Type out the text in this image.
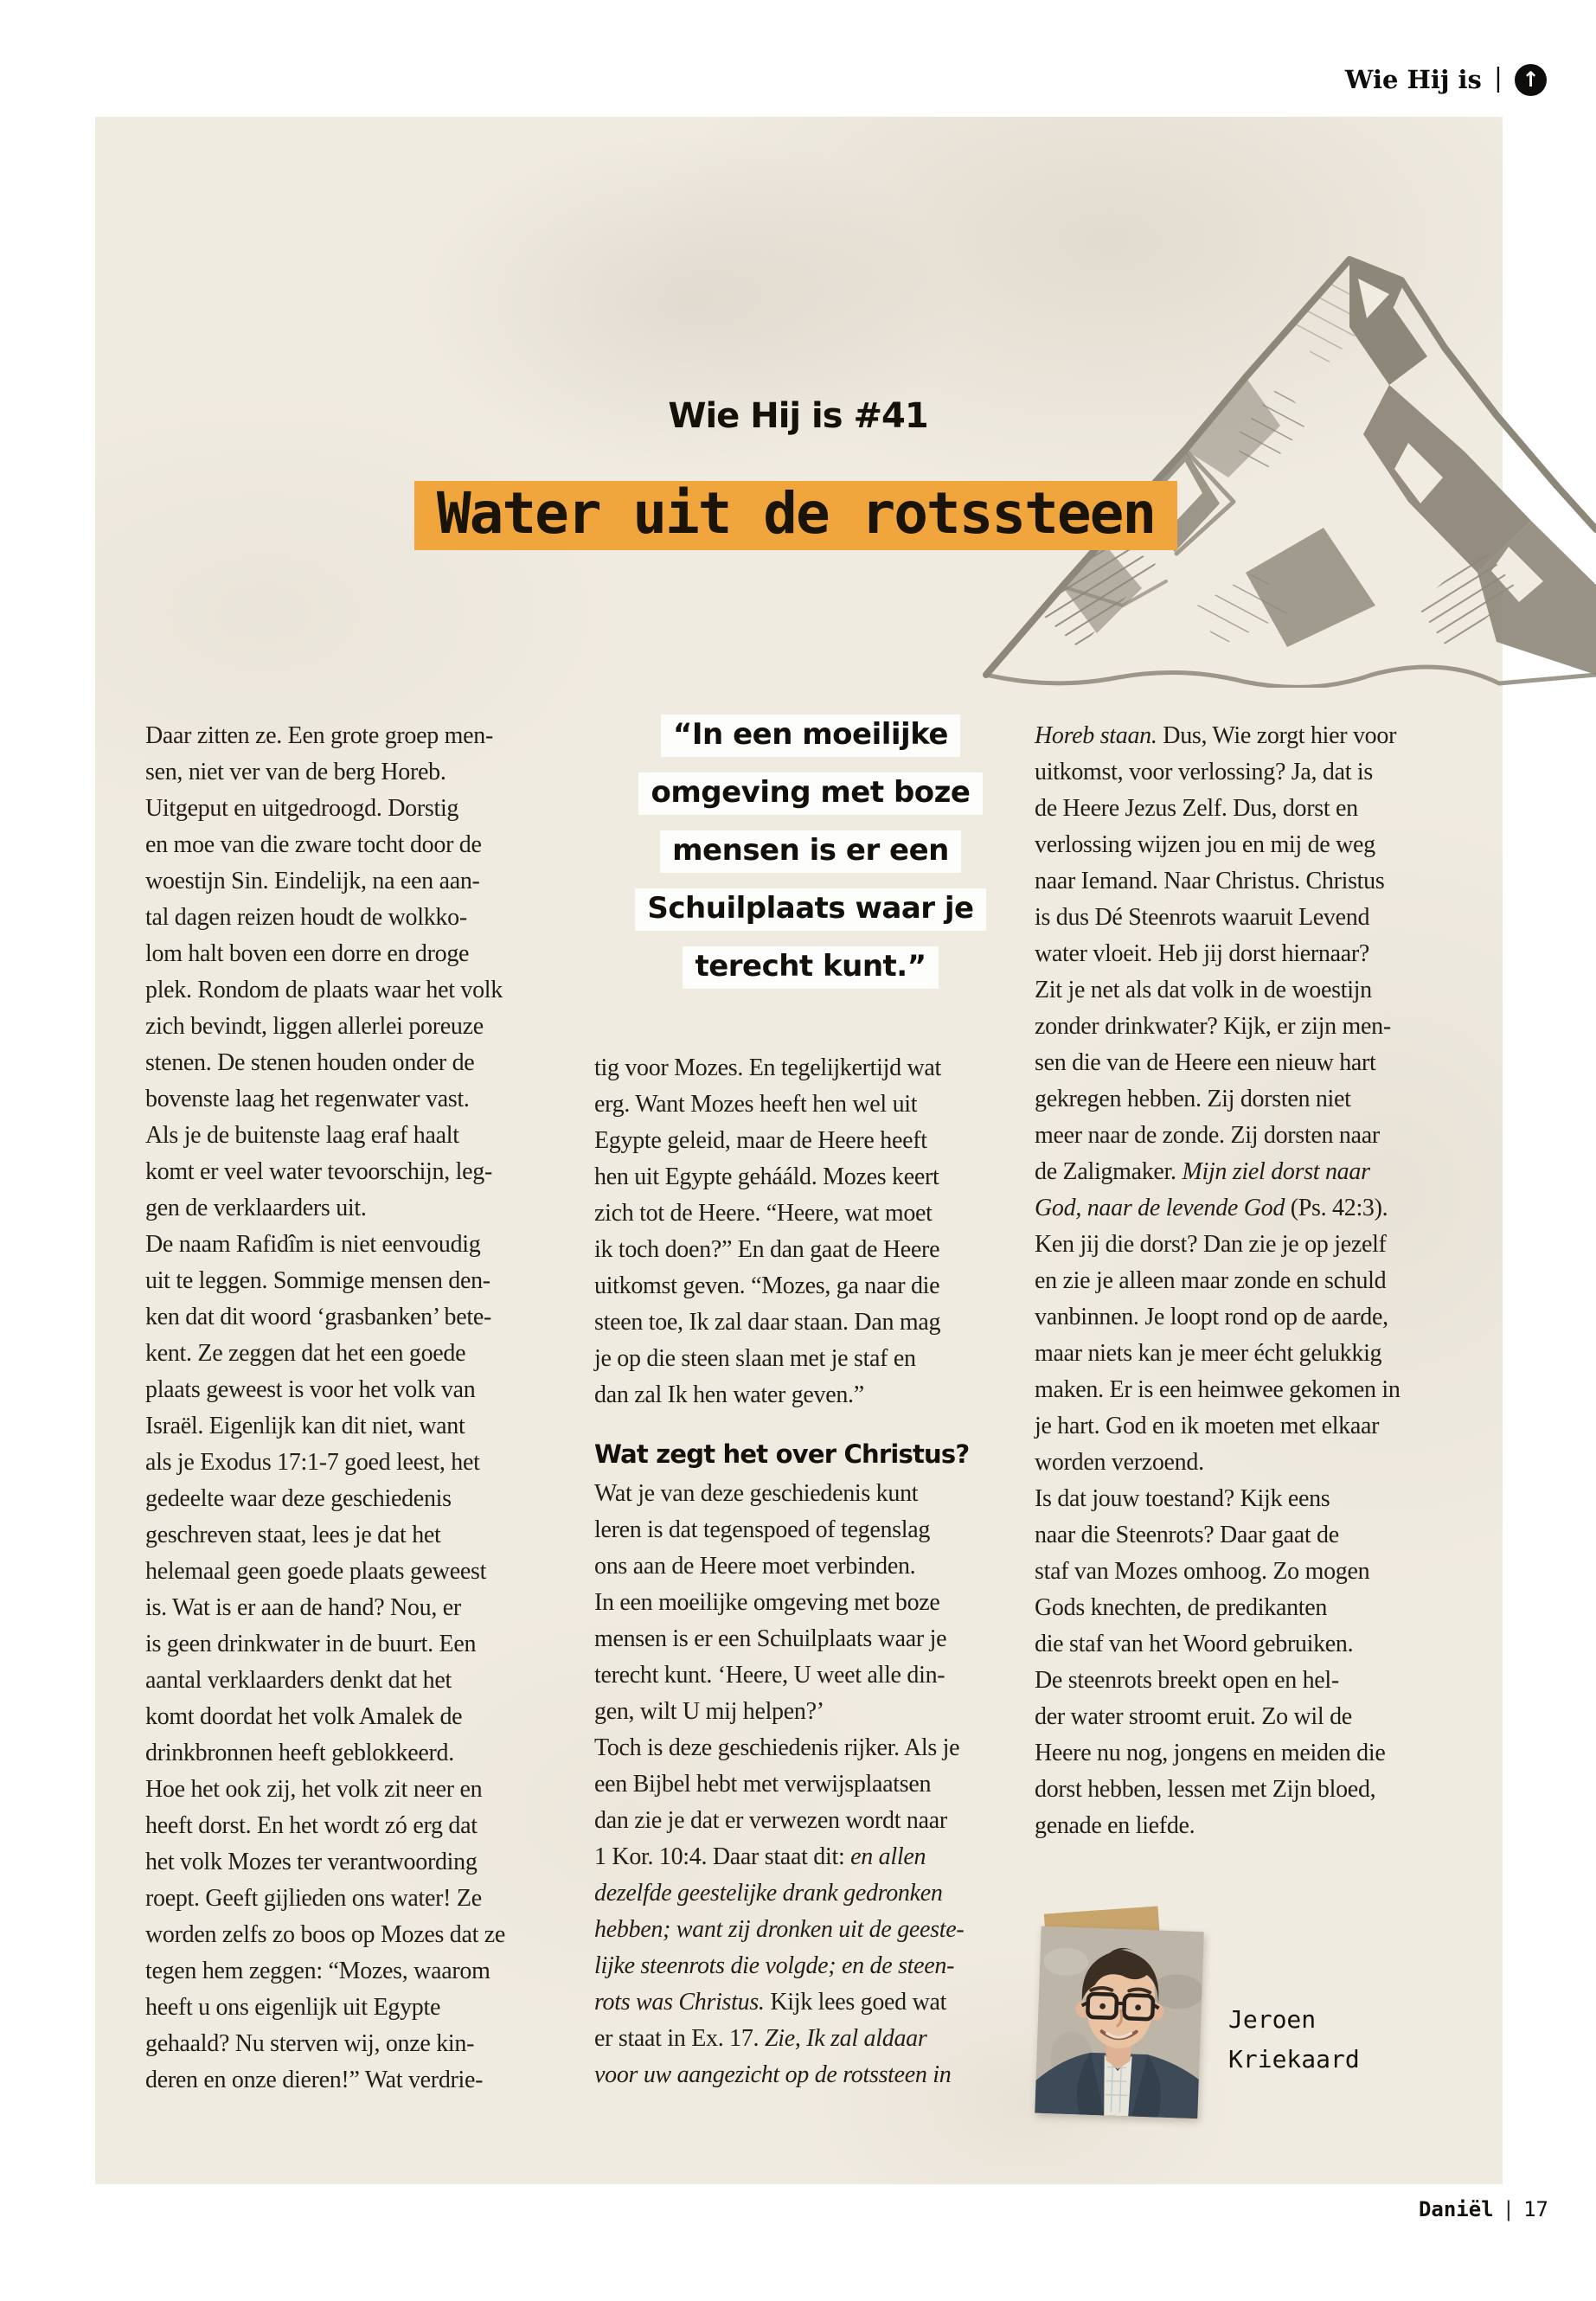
Wie Hij is | ↑
Wie Hij is #41
Water uit de rotssteen
“In een moeilijke
omgeving met boze
mensen is er een
Schuilplaats waar je
terecht kunt.”
Daar zitten ze. Een grote groep men-
sen, niet ver van de berg Horeb.
Uitgeput en uitgedroogd. Dorstig
en moe van die zware tocht door de
woestijn Sin. Eindelijk, na een aan-
tal dagen reizen houdt de wolkko-
lom halt boven een dorre en droge
plek. Rondom de plaats waar het volk
zich bevindt, liggen allerlei poreuze
stenen. De stenen houden onder de
bovenste laag het regenwater vast.
Als je de buitenste laag eraf haalt
komt er veel water tevoorschijn, leg-
gen de verklaarders uit.
De naam Rafidîm is niet eenvoudig
uit te leggen. Sommige mensen den-
ken dat dit woord ‘grasbanken’ bete-
kent. Ze zeggen dat het een goede
plaats geweest is voor het volk van
Israël. Eigenlijk kan dit niet, want
als je Exodus 17:1-7 goed leest, het
gedeelte waar deze geschiedenis
geschreven staat, lees je dat het
helemaal geen goede plaats geweest
is. Wat is er aan de hand? Nou, er
is geen drinkwater in de buurt. Een
aantal verklaarders denkt dat het
komt doordat het volk Amalek de
drinkbronnen heeft geblokkeerd.
Hoe het ook zij, het volk zit neer en
heeft dorst. En het wordt zó erg dat
het volk Mozes ter verantwoording
roept. Geeft gijlieden ons water! Ze
worden zelfs zo boos op Mozes dat ze
tegen hem zeggen: “Mozes, waarom
heeft u ons eigenlijk uit Egypte
gehaald? Nu sterven wij, onze kin-
deren en onze dieren!” Wat verdrie-
tig voor Mozes. En tegelijkertijd wat
erg. Want Mozes heeft hen wel uit
Egypte geleid, maar de Heere heeft
hen uit Egypte gehááld. Mozes keert
zich tot de Heere. “Heere, wat moet
ik toch doen?” En dan gaat de Heere
uitkomst geven. “Mozes, ga naar die
steen toe, Ik zal daar staan. Dan mag
je op die steen slaan met je staf en
dan zal Ik hen water geven.”
Wat zegt het over Christus?
Wat je van deze geschiedenis kunt
leren is dat tegenspoed of tegenslag
ons aan de Heere moet verbinden.
In een moeilijke omgeving met boze
mensen is er een Schuilplaats waar je
terecht kunt. ‘Heere, U weet alle din-
gen, wilt U mij helpen?’
Toch is deze geschiedenis rijker. Als je
een Bijbel hebt met verwijsplaatsen
dan zie je dat er verwezen wordt naar
1 Kor. 10:4. Daar staat dit: en allen
dezelfde geestelijke drank gedronken
hebben; want zij dronken uit de geeste-
lijke steenrots die volgde; en de steen-
rots was Christus. Kijk lees goed wat
er staat in Ex. 17. Zie, Ik zal aldaar
voor uw aangezicht op de rotssteen in
Horeb staan. Dus, Wie zorgt hier voor
uitkomst, voor verlossing? Ja, dat is
de Heere Jezus Zelf. Dus, dorst en
verlossing wijzen jou en mij de weg
naar Iemand. Naar Christus. Christus
is dus Dé Steenrots waaruit Levend
water vloeit. Heb jij dorst hiernaar?
Zit je net als dat volk in de woestijn
zonder drinkwater? Kijk, er zijn men-
sen die van de Heere een nieuw hart
gekregen hebben. Zij dorsten niet
meer naar de zonde. Zij dorsten naar
de Zaligmaker. Mijn ziel dorst naar
God, naar de levende God (Ps. 42:3).
Ken jij die dorst? Dan zie je op jezelf
en zie je alleen maar zonde en schuld
vanbinnen. Je loopt rond op de aarde,
maar niets kan je meer écht gelukkig
maken. Er is een heimwee gekomen in
je hart. God en ik moeten met elkaar
worden verzoend.
Is dat jouw toestand? Kijk eens
naar die Steenrots? Daar gaat de
staf van Mozes omhoog. Zo mogen
Gods knechten, de predikanten
die staf van het Woord gebruiken.
De steenrots breekt open en hel-
der water stroomt eruit. Zo wil de
Heere nu nog, jongens en meiden die
dorst hebben, lessen met Zijn bloed,
genade en liefde.
Jeroen
Kriekaard
Daniël | 17
